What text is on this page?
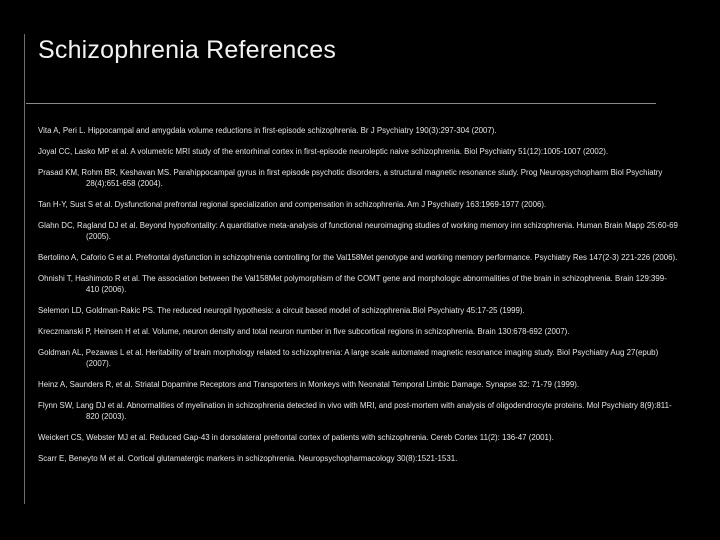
Schizophrenia References
Vita A, Peri L. Hippocampal and amygdala volume reductions in first-episode schizophrenia. Br J Psychiatry 190(3):297-304 (2007).
Joyal CC, Lasko MP et al. A volumetric MRI study of the entorhinal cortex in first-episode neuroleptic naive schizophrenia. Biol Psychiatry 51(12):1005-1007 (2002).
Prasad KM, Rohm BR, Keshavan MS. Parahippocampal gyrus in first episode psychotic disorders, a structural magnetic resonance study. Prog Neuropsychopharm Biol Psychiatry 28(4):651-658 (2004).
Tan H-Y, Sust S et al. Dysfunctional prefrontal regional specialization and compensation in schizophrenia. Am J Psychiatry 163:1969-1977 (2006).
Glahn DC, Ragland DJ et al. Beyond hypofrontality: A quantitative meta-analysis of functional neuroimaging studies of working memory inn schizophrenia. Human Brain Mapp 25:60-69 (2005).
Bertolino A, Caforio G et al. Prefrontal dysfunction in schizophrenia controlling for the Val158Met genotype and working memory performance. Psychiatry Res 147(2-3) 221-226 (2006).
Ohnishi T, Hashimoto R et al. The association between the Val158Met polymorphism of the COMT gene and morphologic abnormalities of the brain in schizophrenia. Brain 129:399-410 (2006).
Selemon LD, Goldman-Rakic PS. The reduced neuropil hypothesis: a circuit based model of schizophrenia.Biol Psychiatry 45:17-25 (1999).
Kreczmanski P, Heinsen H et al. Volume, neuron density and total neuron number in five subcortical regions in schizophrenia. Brain 130:678-692 (2007).
Goldman AL, Pezawas L et al. Heritability of brain morphology related to schizophrenia: A large scale automated magnetic resonance imaging study. Biol Psychiatry Aug 27(epub)(2007).
Heinz A, Saunders R, et al. Striatal Dopamine Receptors and Transporters in Monkeys with Neonatal Temporal Limbic Damage. Synapse 32: 71-79 (1999).
Flynn SW, Lang DJ et al. Abnormalities of myelination in schizophrenia detected in vivo with MRI, and post-mortem with analysis of oligodendrocyte proteins. Mol Psychiatry 8(9):811-820 (2003).
Weickert CS, Webster MJ et al. Reduced Gap-43 in dorsolateral prefrontal cortex of patients with schizophrenia. Cereb Cortex 11(2): 136-47 (2001).
Scarr E, Beneyto M et al. Cortical glutamatergic markers in schizophrenia. Neuropsychopharmacology 30(8):1521-1531.
